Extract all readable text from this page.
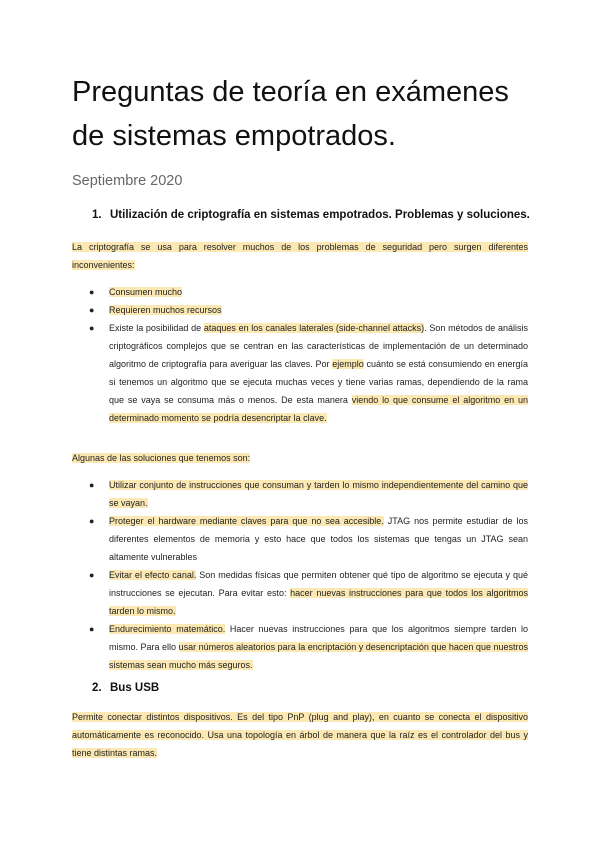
Preguntas de teoría en exámenes de sistemas empotrados.
Septiembre 2020
1. Utilización de criptografía en sistemas empotrados. Problemas y soluciones.

La criptografía se usa para resolver muchos de los problemas de seguridad pero surgen diferentes inconvenientes:

● Consumen mucho
● Requieren muchos recursos
● Existe la posibilidad de ataques en los canales laterales (side-channel attacks). Son métodos de análisis criptográficos complejos que se centran en las características de implementación de un determinado algoritmo de criptografía para averiguar las claves. Por ejemplo cuánto se está consumiendo en energía si tenemos un algoritmo que se ejecuta muchas veces y tiene varias ramas, dependiendo de la rama que se vaya se consuma más o menos. De esta manera viendo lo que consume el algoritmo en un determinado momento se podría desencriptar la clave.

Algunas de las soluciones que tenemos son:

● Utilizar conjunto de instrucciones que consuman y tarden lo mismo independientemente del camino que se vayan.
● Proteger el hardware mediante claves para que no sea accesible. JTAG nos permite estudiar de los diferentes elementos de memoria y esto hace que todos los sistemas que tengas un JTAG sean altamente vulnerables
● Evitar el efecto canal. Son medidas físicas que permiten obtener qué tipo de algoritmo se ejecuta y qué instrucciones se ejecutan. Para evitar esto: hacer nuevas instrucciones para que todos los algoritmos tarden lo mismo.
● Endurecimiento matemático. Hacer nuevas instrucciones para que los algoritmos siempre tarden lo mismo. Para ello usar números aleatorios para la encriptación y desencriptación que hacen que nuestros sistemas sean mucho más seguros.
2. Bus USB

Permite conectar distintos dispositivos. Es del tipo PnP (plug and play), en cuanto se conecta el dispositivo automáticamente es reconocido. Usa una topología en árbol de manera que la raíz es el controlador del bus y tiene distintas ramas.
